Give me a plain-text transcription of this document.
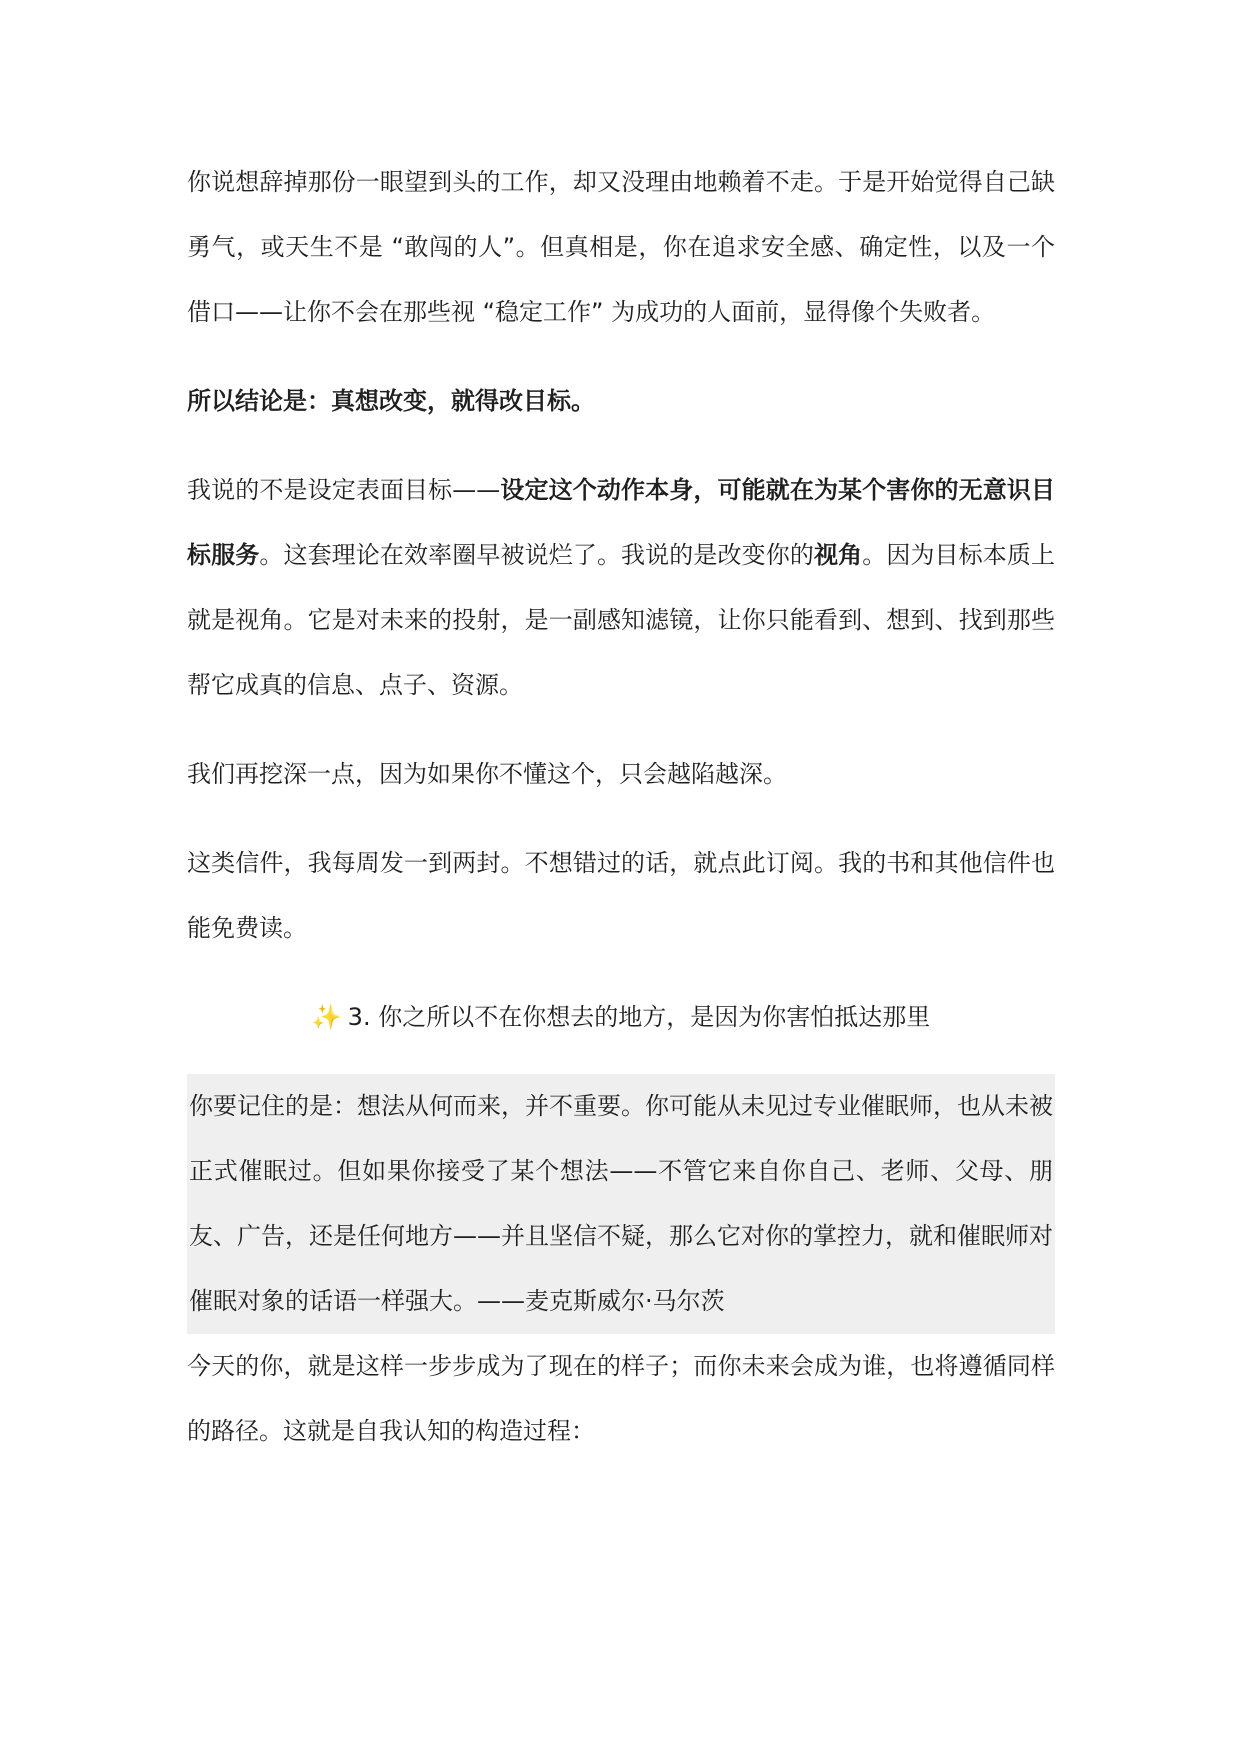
你说想辞掉那份一眼望到头的工作，却又没理由地赖着不走。于是开始觉得自己缺勇气，或天生不是 “敢闯的人”。但真相是，你在追求安全感、确定性，以及一个借口——让你不会在那些视 “稳定工作” 为成功的人面前，显得像个失败者。

所以结论是：真想改变，就得改目标。

我说的不是设定表面目标——设定这个动作本身，可能就在为某个害你的无意识目标服务。这套理论在效率圈早被说烂了。我说的是改变你的视角。因为目标本质上就是视角。它是对未来的投射，是一副感知滤镜，让你只能看到、想到、找到那些帮它成真的信息、点子、资源。

我们再挖深一点，因为如果你不懂这个，只会越陷越深。

这类信件，我每周发一到两封。不想错过的话，就点此订阅。我的书和其他信件也能免费读。

✨ 3. 你之所以不在你想去的地方，是因为你害怕抵达那里
你要记住的是：想法从何而来，并不重要。你可能从未见过专业催眠师，也从未被正式催眠过。但如果你接受了某个想法——不管它来自你自己、老师、父母、朋友、广告，还是任何地方——并且坚信不疑，那么它对你的掌控力，就和催眠师对催眠对象的话语一样强大。——麦克斯威尔·马尔茨

今天的你，就是这样一步步成为了现在的样子；而你未来会成为谁，也将遵循同样的路径。这就是自我认知的构造过程：
